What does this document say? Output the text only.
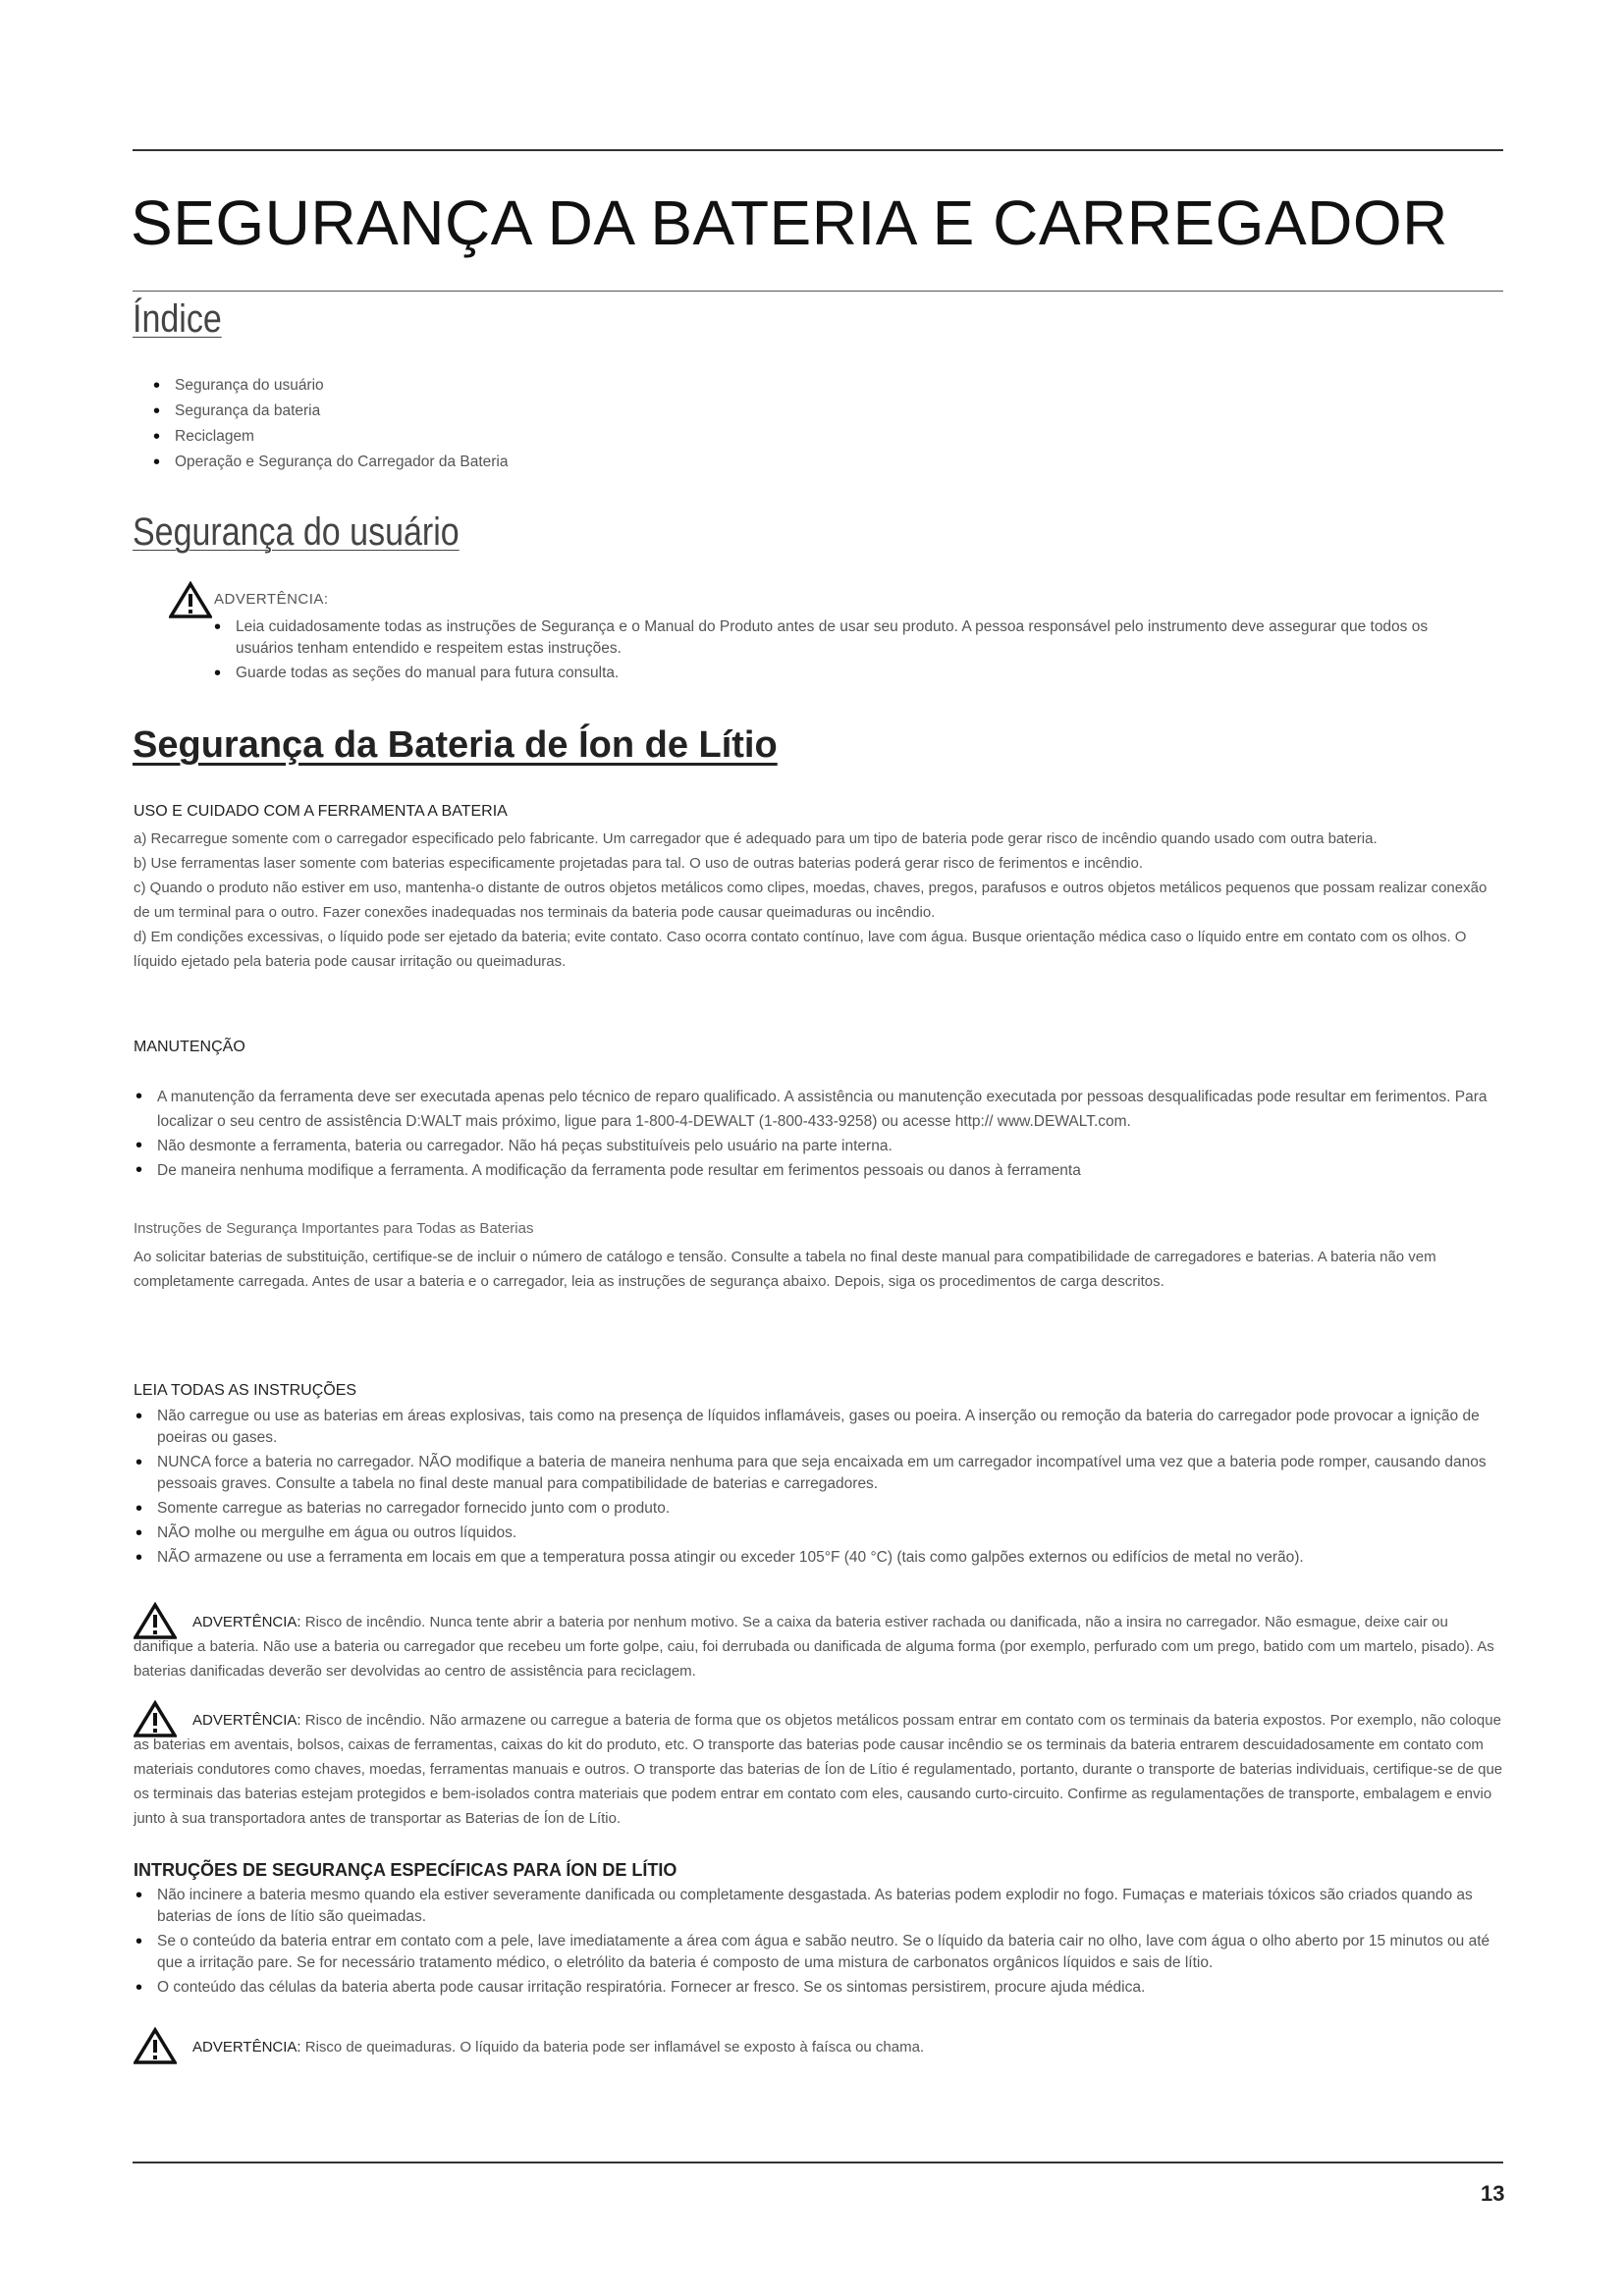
SEGURANÇA DA BATERIA E CARREGADOR
Índice
• Segurança do usuário
• Segurança da bateria
• Reciclagem
• Operação e Segurança do Carregador da Bateria
Segurança do usuário
ADVERTÊNCIA:
• Leia cuidadosamente todas as instruções de Segurança e o Manual do Produto antes de usar seu produto. A pessoa responsável pelo instrumento deve assegurar que todos os usuários tenham entendido e respeitem estas instruções.
• Guarde todas as seções do manual para futura consulta.
Segurança da Bateria de Íon de Lítio
USO E CUIDADO COM A FERRAMENTA A BATERIA

a) Recarregue somente com o carregador especificado pelo fabricante. Um carregador que é adequado para um tipo de bateria pode gerar risco de incêndio quando usado com outra bateria.

b) Use ferramentas laser somente com baterias especificamente projetadas para tal. O uso de outras baterias poderá gerar risco de ferimentos e incêndio.

c) Quando o produto não estiver em uso, mantenha-o distante de outros objetos metálicos como clipes, moedas, chaves, pregos, parafusos e outros objetos metálicos pequenos que possam realizar conexão de um terminal para o outro. Fazer conexões inadequadas nos terminais da bateria pode causar queimaduras ou incêndio.

d) Em condições excessivas, o líquido pode ser ejetado da bateria; evite contato. Caso ocorra contato contínuo, lave com água. Busque orientação médica caso o líquido entre em contato com os olhos. O líquido ejetado pela bateria pode causar irritação ou queimaduras.

MANUTENÇÃO
• A manutenção da ferramenta deve ser executada apenas pelo técnico de reparo qualificado. A assistência ou manutenção executada por pessoas desqualificadas pode resultar em ferimentos. Para localizar o seu centro de assistência D:WALT mais próximo, ligue para 1-800-4-DEWALT (1-800-433-9258) ou acesse http:// www.DEWALT.com.
• Não desmonte a ferramenta, bateria ou carregador. Não há peças substituíveis pelo usuário na parte interna.
• De maneira nenhuma modifique a ferramenta. A modificação da ferramenta pode resultar em ferimentos pessoais ou danos à ferramenta
Instruções de Segurança Importantes para Todas as Baterias

Ao solicitar baterias de substituição, certifique-se de incluir o número de catálogo e tensão. Consulte a tabela no final deste manual para compatibilidade de carregadores e baterias. A bateria não vem completamente carregada. Antes de usar a bateria e o carregador, leia as instruções de segurança abaixo. Depois, siga os procedimentos de carga descritos.

LEIA TODAS AS INSTRUÇÕES
• Não carregue ou use as baterias em áreas explosivas, tais como na presença de líquidos inflamáveis, gases ou poeira. A inserção ou remoção da bateria do carregador pode provocar a ignição de poeiras ou gases.
• NUNCA force a bateria no carregador. NÃO modifique a bateria de maneira nenhuma para que seja encaixada em um carregador incompatível uma vez que a bateria pode romper, causando danos pessoais graves. Consulte a tabela no final deste manual para compatibilidade de baterias e carregadores.
• Somente carregue as baterias no carregador fornecido junto com o produto.
• NÃO molhe ou mergulhe em água ou outros líquidos.
• NÃO armazene ou use a ferramenta em locais em que a temperatura possa atingir ou exceder 105°F (40 °C) (tais como galpões externos ou edifícios de metal no verão).

ADVERTÊNCIA: Risco de incêndio. Nunca tente abrir a bateria por nenhum motivo. Se a caixa da bateria estiver rachada ou danificada, não a insira no carregador. Não esmague, deixe cair ou danifique a bateria. Não use a bateria ou carregador que recebeu um forte golpe, caiu, foi derrubada ou danificada de alguma forma (por exemplo, perfurado com um prego, batido com um martelo, pisado). As baterias danificadas deverão ser devolvidas ao centro de assistência para reciclagem.

ADVERTÊNCIA: Risco de incêndio. Não armazene ou carregue a bateria de forma que os objetos metálicos possam entrar em contato com os terminais da bateria expostos. Por exemplo, não coloque as baterias em aventais, bolsos, caixas de ferramentas, caixas do kit do produto, etc. O transporte das baterias pode causar incêndio se os terminais da bateria entrarem descuidadosamente em contato com materiais condutores como chaves, moedas, ferramentas manuais e outros. O transporte das baterias de Íon de Lítio é regulamentado, portanto, durante o transporte de baterias individuais, certifique-se de que os terminais das baterias estejam protegidos e bem-isolados contra materiais que podem entrar em contato com eles, causando curto-circuito. Confirme as regulamentações de transporte, embalagem e envio junto à sua transportadora antes de transportar as Baterias de Íon de Lítio.

INTRUÇÕES DE SEGURANÇA ESPECÍFICAS PARA ÍON DE LÍTIO
• Não incinere a bateria mesmo quando ela estiver severamente danificada ou completamente desgastada. As baterias podem explodir no fogo. Fumaças e materiais tóxicos são criados quando as baterias de íons de lítio são queimadas.
• Se o conteúdo da bateria entrar em contato com a pele, lave imediatamente a área com água e sabão neutro. Se o líquido da bateria cair no olho, lave com água o olho aberto por 15 minutos ou até que a irritação pare. Se for necessário tratamento médico, o eletrólito da bateria é composto de uma mistura de carbonatos orgânicos líquidos e sais de lítio.
• O conteúdo das células da bateria aberta pode causar irritação respiratória. Fornecer ar fresco. Se os sintomas persistirem, procure ajuda médica.

ADVERTÊNCIA: Risco de queimaduras. O líquido da bateria pode ser inflamável se exposto à faísca ou chama.

13
